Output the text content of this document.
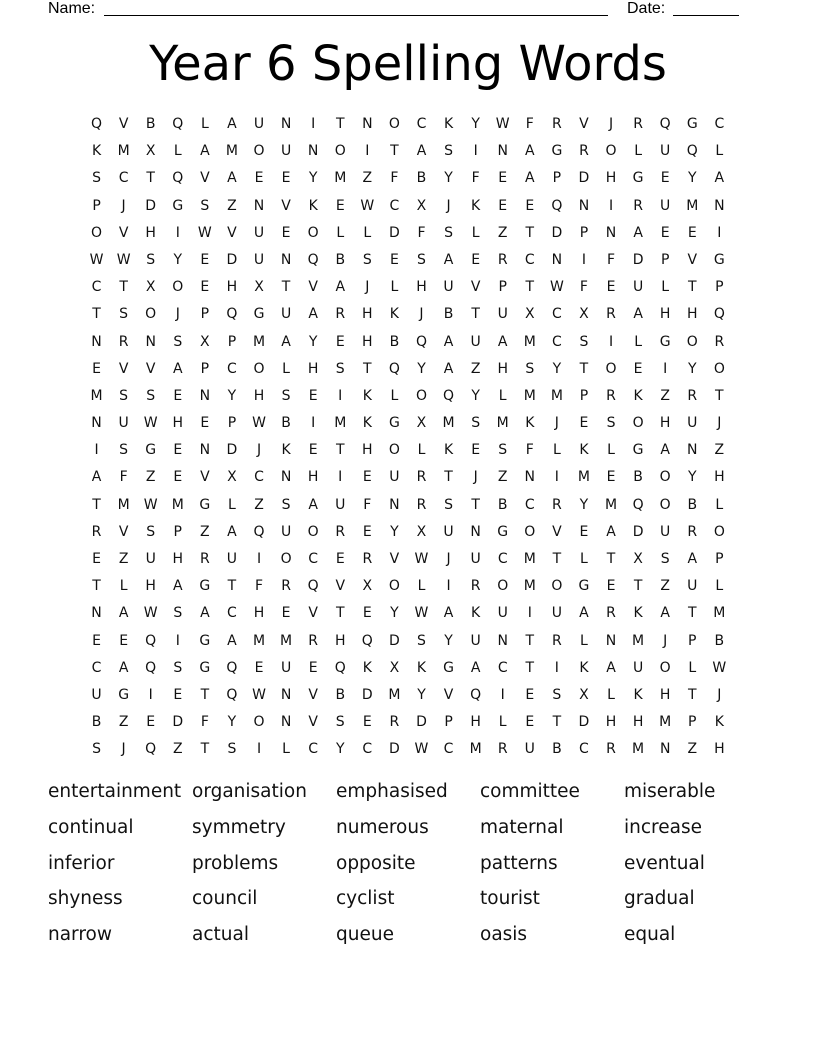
Name:	Date:
Year 6 Spelling Words
Q	V	B	Q	L	A	U	N	I	T	N	O	C	K	Y	W	F	R	V	J	R	Q	G	C
K	M	X	L	A	M	O	U	N	O	I	T	A	S	I	N	A	G	R	O	L	U	Q	L
S	C	T	Q	V	A	E	E	Y	M	Z	F	B	Y	F	E	A	P	D	H	G	E	Y	A
P	J	D	G	S	Z	N	V	K	E	W	C	X	J	K	E	E	Q	N	I	R	U	M	N
O	V	H	I	W	V	U	E	O	L	L	D	F	S	L	Z	T	D	P	N	A	E	E	I
W W	S	Y	E	D	U	N	Q	B	S	E	S	A	E	R	C	N	I	F	D	P	V	G
C	T	X	O	E	H	X	T	V	A	J	L	H	U	V	P	T	W	F	E	U	L	T	P
T	S	O	J	P	Q	G	U	A	R	H	K	J	B	T	U	X	C	X	R	A	H	H	Q
N	R	N	S	X	P	M	A	Y	E	H	B	Q	A	U	A	M	C	S	I	L	G	O	R
E	V	V	A	P	C	O	L	H	S	T	Q	Y	A	Z	H	S	Y	T	O	E	I	Y	O
M	S	S	E	N	Y	H	S	E	I	K	L	O	Q	Y	L	M	M	P	R	K	Z	R	T
N	U	W	H	E	P	W	B	I	M	K	G	X	M	S	M	K	J	E	S	O	H	U	J
I	S	G	E	N	D	J	K	E	T	H	O	L	K	E	S	F	L	K	L	G	A	N	Z
A	F	Z	E	V	X	C	N	H	I	E	U	R	T	J	Z	N	I	M	E	B	O	Y	H
T	M	W	M	G	L	Z	S	A	U	F	N	R	S	T	B	C	R	Y	M	Q	O	B	L
R	V	S	P	Z	A	Q	U	O	R	E	Y	X	U	N	G	O	V	E	A	D	U	R	O
E	Z	U	H	R	U	I	O	C	E	R	V	W	J	U	C	M	T	L	T	X	S	A	P
T	L	H	A	G	T	F	R	Q	V	X	O	L	I	R	O	M	O	G	E	T	Z	U	L
N	A	W	S	A	C	H	E	V	T	E	Y	W	A	K	U	I	U	A	R	K	A	T	M
E	E	Q	I	G	A	M	M	R	H	Q	D	S	Y	U	N	T	R	L	N	M	J	P	B
C	A	Q	S	G	Q	E	U	E	Q	K	X	K	G	A	C	T	I	K	A	U	O	L	W
U	G	I	E	T	Q	W	N	V	B	D	M	Y	V	Q	I	E	S	X	L	K	H	T	J
B	Z	E	D	F	Y	O	N	V	S	E	R	D	P	H	L	E	T	D	H	H	M	P	K
S	J	Q	Z	T	S	I	L	C	Y	C	D	W	C	M	R	U	B	C	R	M	N	Z	H
entertainment organisation	emphasised	committee	miserable
continual	symmetry	numerous	maternal	increase
inferior	problems	opposite	patterns	eventual
shyness	council	cyclist	tourist	gradual
narrow	actual	queue	oasis	equal
